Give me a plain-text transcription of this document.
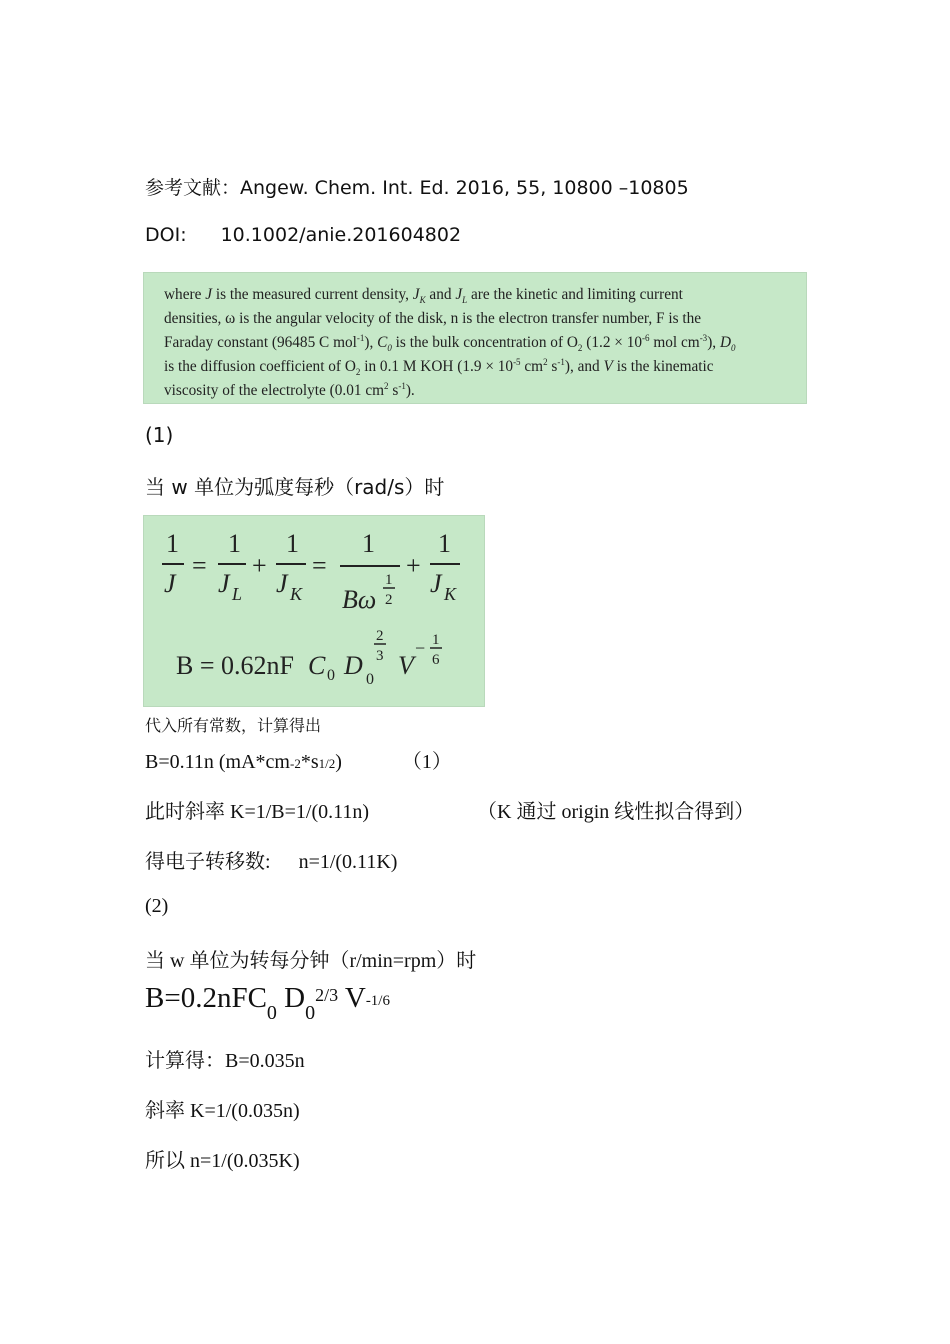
参考文献：Angew. Chem. Int. Ed. 2016, 55, 10800 –10805
DOI: 10.1002/anie.201604802

where J is the measured current density, $J_K$ and $J_L$ are the kinetic and limiting current

densities, ω is the angular velocity of the disk, n is the electron transfer number, F is the

Faraday constant (96485 C mol$^{-1}$), $C_0$ is the bulk concentration of $O_2$ ($1.2 \times 10^{-6}$ mol $cm^{-3}$), $D_0$

is the diffusion coefficient of $O_2$ in 0.1 M KOH ($1.9 \times 10^{-5}$ $cm^2$ $s^{-1}$), and V is the kinematic

viscosity of the electrolyte (0.01 $cm^2$ $s^{-1}$).

(1)
当 w 单位为弧度每秒（rad/s）时
1
J
=
1
J L
+
1
J K
=
1
Bω
1
2
+
1
J K
B = 0.62nF C 0 D
2
3
0 V
− 1
6
代入所有常数，计算得出
B=0.11n (mA*cm-2*s1/2)	（1）
此时斜率 K=1/B=1/(0.11n)	（K 通过 origin 线性拟合得到）
得电子转移数: n=1/(0.11K)
(2)
当 w 单位为转每分钟（r/min=rpm）时
B=0.2nFC$_0$ $D_0^{2/3}$ V-1/6
计算得：B=0.035n
斜率 K=1/(0.035n)
所以 n=1/(0.035K)
